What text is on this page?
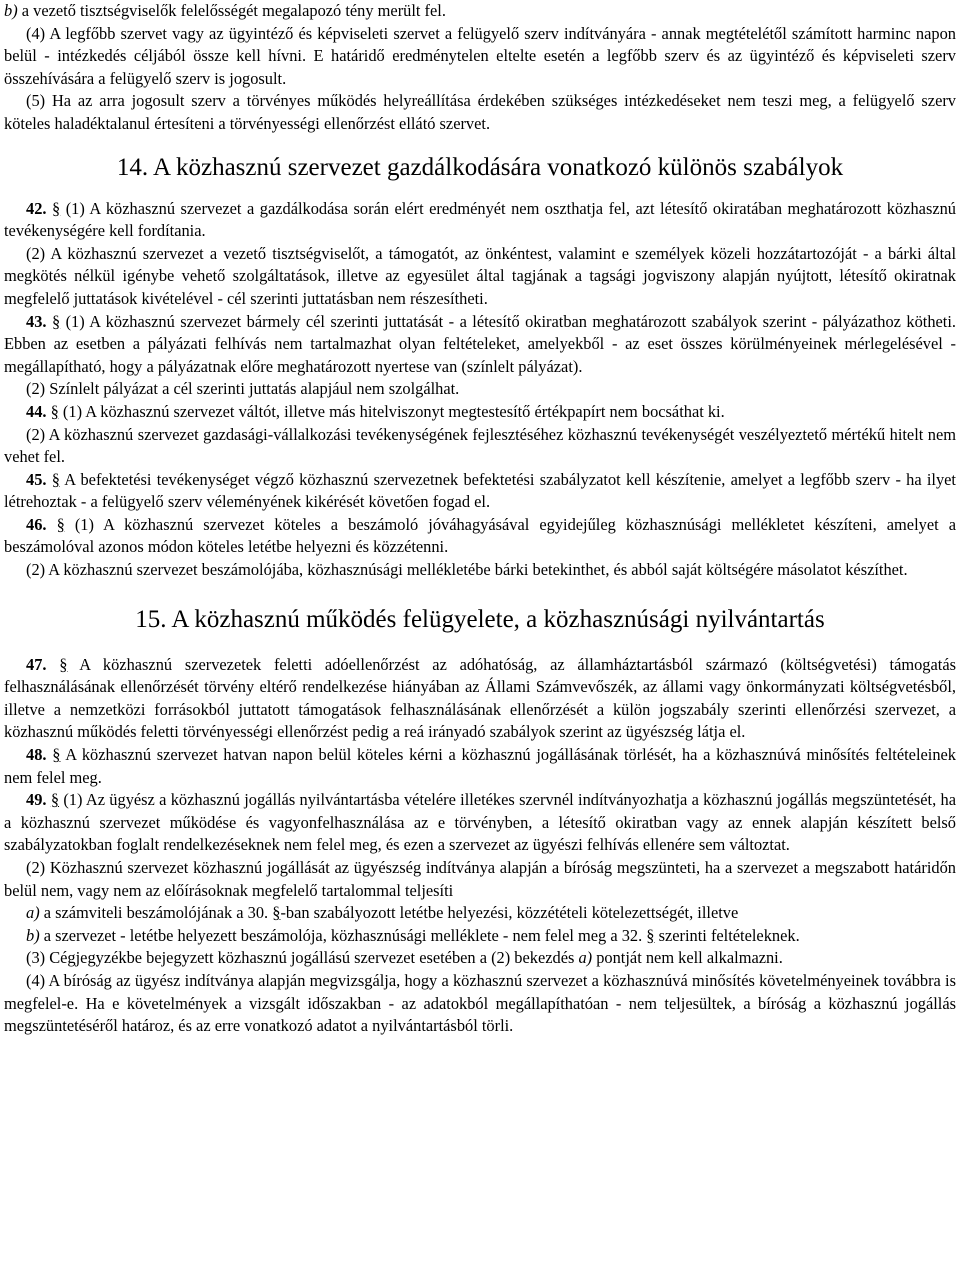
b) a vezető tisztségviselők felelősségét megalapozó tény merült fel.

(4) A legfőbb szervet vagy az ügyintéző és képviseleti szervet a felügyelő szerv indítványára - annak megtételétől számított harminc napon belül - intézkedés céljából össze kell hívni. E határidő eredménytelen eltelte esetén a legfőbb szerv és az ügyintéző és képviseleti szerv összehívására a felügyelő szerv is jogosult.

(5) Ha az arra jogosult szerv a törvényes működés helyreállítása érdekében szükséges intézkedéseket nem teszi meg, a felügyelő szerv köteles haladéktalanul értesíteni a törvényességi ellenőrzést ellátó szervet.

14. A közhasznú szervezet gazdálkodására vonatkozó különös szabályok

42. § (1) A közhasznú szervezet a gazdálkodása során elért eredményét nem oszthatja fel, azt létesítő okiratában meghatározott közhasznú tevékenységére kell fordítania.

(2) A közhasznú szervezet a vezető tisztségviselőt, a támogatót, az önkéntest, valamint e személyek közeli hozzátartozóját - a bárki által megkötés nélkül igénybe vehető szolgáltatások, illetve az egyesület által tagjának a tagsági jogviszony alapján nyújtott, létesítő okiratnak megfelelő juttatások kivételével - cél szerinti juttatásban nem részesítheti.

43. § (1) A közhasznú szervezet bármely cél szerinti juttatását - a létesítő okiratban meghatározott szabályok szerint - pályázathoz kötheti. Ebben az esetben a pályázati felhívás nem tartalmazhat olyan feltételeket, amelyekből - az eset összes körülményeinek mérlegelésével - megállapítható, hogy a pályázatnak előre meghatározott nyertese van (színlelt pályázat).

(2) Színlelt pályázat a cél szerinti juttatás alapjául nem szolgálhat.

44. § (1) A közhasznú szervezet váltót, illetve más hitelviszonyt megtestesítő értékpapírt nem bocsáthat ki.

(2) A közhasznú szervezet gazdasági-vállalkozási tevékenységének fejlesztéséhez közhasznú tevékenységét veszélyeztető mértékű hitelt nem vehet fel.

45. § A befektetési tevékenységet végző közhasznú szervezetnek befektetési szabályzatot kell készítenie, amelyet a legfőbb szerv - ha ilyet létrehoztak - a felügyelő szerv véleményének kikérését követően fogad el.

46. § (1) A közhasznú szervezet köteles a beszámoló jóváhagyásával egyidejűleg közhasznúsági mellékletet készíteni, amelyet a beszámolóval azonos módon köteles letétbe helyezni és közzétenni.

(2) A közhasznú szervezet beszámolójába, közhasznúsági mellékletébe bárki betekinthet, és abból saját költségére másolatot készíthet.

15. A közhasznú működés felügyelete, a közhasznúsági nyilvántartás

47. § A közhasznú szervezetek feletti adóellenőrzést az adóhatóság, az államháztartásból származó (költségvetési) támogatás felhasználásának ellenőrzését törvény eltérő rendelkezése hiányában az Állami Számvevőszék, az állami vagy önkormányzati költségvetésből, illetve a nemzetközi forrásokból juttatott támogatások felhasználásának ellenőrzését a külön jogszabály szerinti ellenőrzési szervezet, a közhasznú működés feletti törvényességi ellenőrzést pedig a reá irányadó szabályok szerint az ügyészség látja el.

48. § A közhasznú szervezet hatvan napon belül köteles kérni a közhasznú jogállásának törlését, ha a közhasznúvá minősítés feltételeinek nem felel meg.

49. § (1) Az ügyész a közhasznú jogállás nyilvántartásba vételére illetékes szervnél indítványozhatja a közhasznú jogállás megszüntetését, ha a közhasznú szervezet működése és vagyonfelhasználása az e törvényben, a létesítő okiratban vagy az ennek alapján készített belső szabályzatokban foglalt rendelkezéseknek nem felel meg, és ezen a szervezet az ügyészi felhívás ellenére sem változtat.

(2) Közhasznú szervezet közhasznú jogállását az ügyészség indítványa alapján a bíróság megszünteti, ha a szervezet a megszabott határidőn belül nem, vagy nem az előírásoknak megfelelő tartalommal teljesíti

a) a számviteli beszámolójának a 30. §-ban szabályozott letétbe helyezési, közzétételi kötelezettségét, illetve

b) a szervezet - letétbe helyezett beszámolója, közhasznúsági melléklete - nem felel meg a 32. § szerinti feltételeknek.

(3) Cégjegyzékbe bejegyzett közhasznú jogállású szervezet esetében a (2) bekezdés a) pontját nem kell alkalmazni.

(4) A bíróság az ügyész indítványa alapján megvizsgálja, hogy a közhasznú szervezet a közhasznúvá minősítés követelményeinek továbbra is megfelel-e. Ha e követelmények a vizsgált időszakban - az adatokból megállapíthatóan - nem teljesültek, a bíróság a közhasznú jogállás megszüntetéséről határoz, és az erre vonatkozó adatot a nyilvántartásból törli.
